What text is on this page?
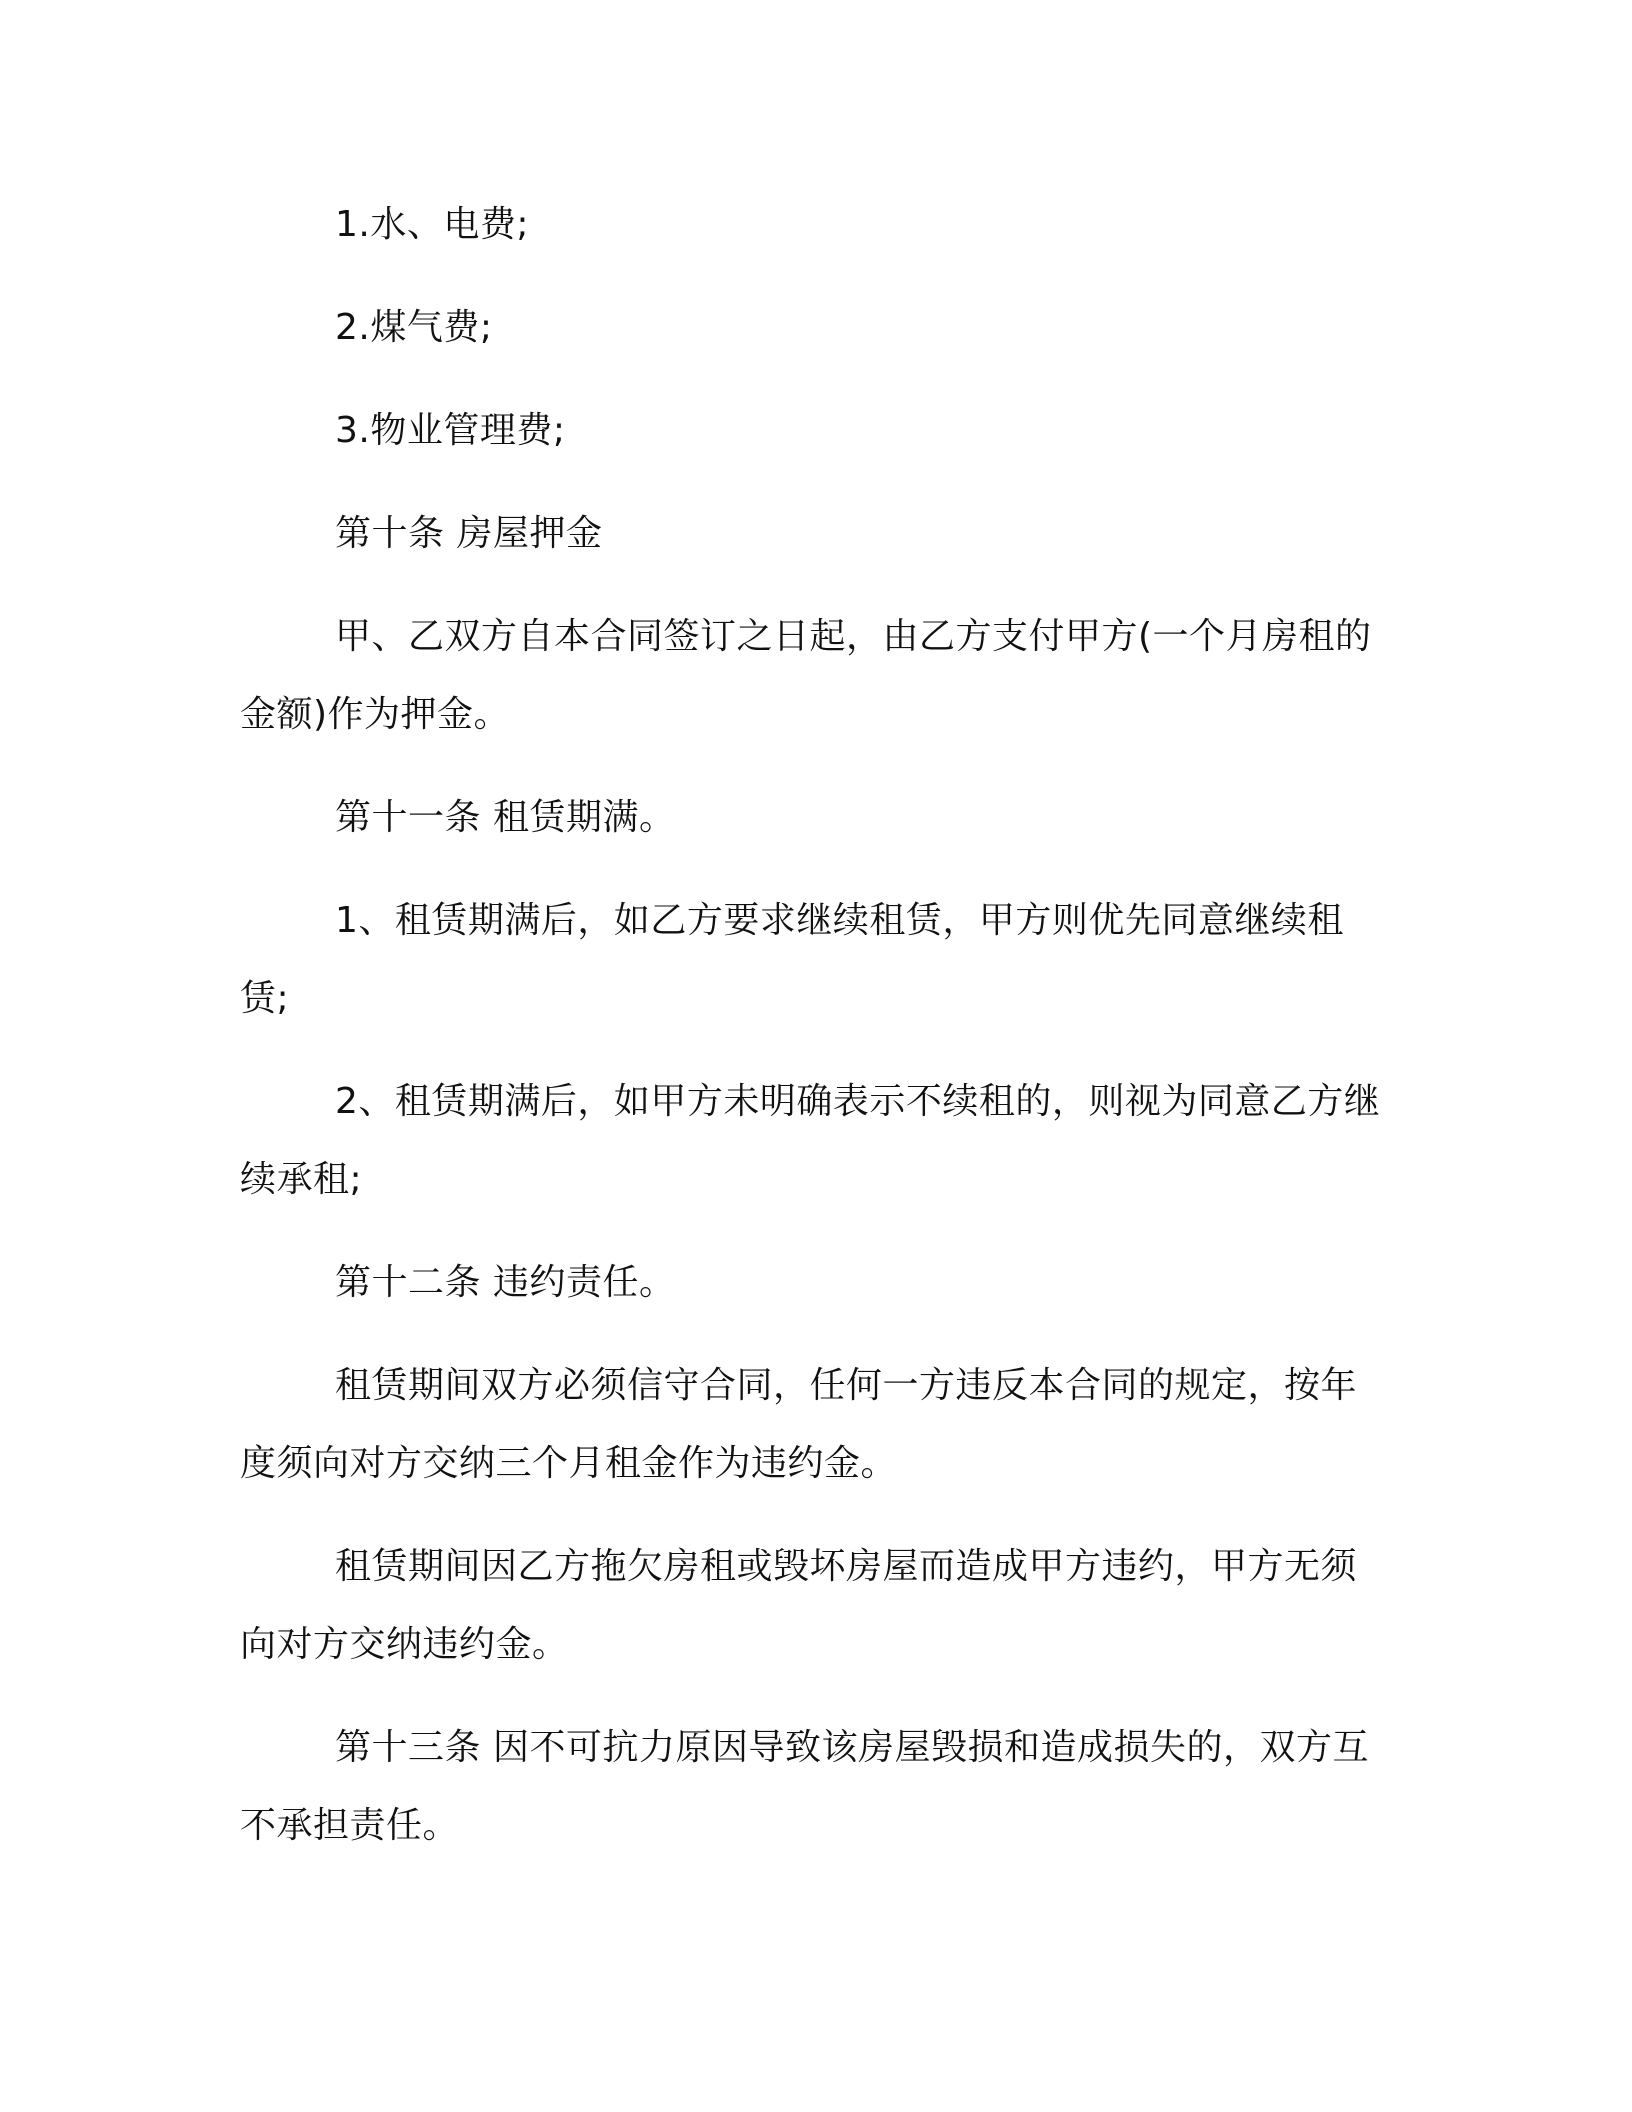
1.水、电费;

2.煤气费;

3.物业管理费;

第十条 房屋押金

甲、乙双方自本合同签订之日起，由乙方支付甲方(一个月房租的金额)作为押金。

第十一条 租赁期满。

1、租赁期满后，如乙方要求继续租赁，甲方则优先同意继续租赁;

2、租赁期满后，如甲方未明确表示不续租的，则视为同意乙方继续承租;

第十二条 违约责任。

租赁期间双方必须信守合同，任何一方违反本合同的规定，按年度须向对方交纳三个月租金作为违约金。

租赁期间因乙方拖欠房租或毁坏房屋而造成甲方违约，甲方无须向对方交纳违约金。

第十三条 因不可抗力原因导致该房屋毁损和造成损失的，双方互不承担责任。
